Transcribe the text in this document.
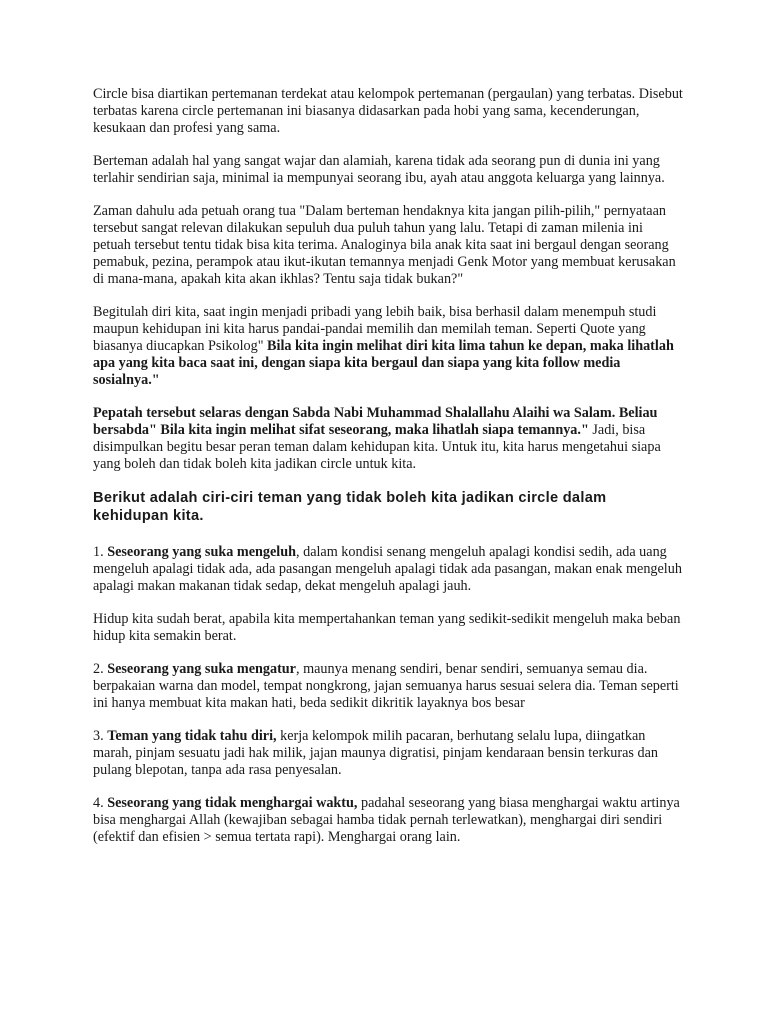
Circle bisa diartikan pertemanan terdekat atau kelompok pertemanan (pergaulan) yang terbatas. Disebut terbatas karena circle pertemanan ini biasanya didasarkan pada hobi yang sama, kecenderungan, kesukaan dan profesi yang sama.

Berteman adalah hal yang sangat wajar dan alamiah, karena tidak ada seorang pun di dunia ini yang terlahir sendirian saja, minimal ia mempunyai seorang ibu, ayah atau anggota keluarga yang lainnya.

Zaman dahulu ada petuah orang tua "Dalam berteman hendaknya kita jangan pilih-pilih," pernyataan tersebut sangat relevan dilakukan sepuluh dua puluh tahun yang lalu. Tetapi di zaman milenia ini petuah tersebut tentu tidak bisa kita terima. Analoginya bila anak kita saat ini bergaul dengan seorang pemabuk, pezina, perampok atau ikut-ikutan temannya menjadi Genk Motor yang membuat kerusakan di mana-mana, apakah kita akan ikhlas? Tentu saja tidak bukan?"

Begitulah diri kita, saat ingin menjadi pribadi yang lebih baik, bisa berhasil dalam menempuh studi maupun kehidupan ini kita harus pandai-pandai memilih dan memilah teman. Seperti Quote yang biasanya diucapkan Psikolog" Bila kita ingin melihat diri kita lima tahun ke depan, maka lihatlah apa yang kita baca saat ini, dengan siapa kita bergaul dan siapa yang kita follow media sosialnya."

Pepatah tersebut selaras dengan Sabda Nabi Muhammad Shalallahu Alaihi wa Salam. Beliau bersabda" Bila kita ingin melihat sifat seseorang, maka lihatlah siapa temannya." Jadi, bisa disimpulkan begitu besar peran teman dalam kehidupan kita. Untuk itu, kita harus mengetahui siapa yang boleh dan tidak boleh kita jadikan circle untuk kita.

Berikut adalah ciri-ciri teman yang tidak boleh kita jadikan circle dalam kehidupan kita.

1. Seseorang yang suka mengeluh, dalam kondisi senang mengeluh apalagi kondisi sedih, ada uang mengeluh apalagi tidak ada, ada pasangan mengeluh apalagi tidak ada pasangan, makan enak mengeluh apalagi makan makanan tidak sedap, dekat mengeluh apalagi jauh.

Hidup kita sudah berat, apabila kita mempertahankan teman yang sedikit-sedikit mengeluh maka beban hidup kita semakin berat.

2. Seseorang yang suka mengatur, maunya menang sendiri, benar sendiri, semuanya semau dia. berpakaian warna dan model, tempat nongkrong, jajan semuanya harus sesuai selera dia. Teman seperti ini hanya membuat kita makan hati, beda sedikit dikritik layaknya bos besar

3. Teman yang tidak tahu diri, kerja kelompok milih pacaran, berhutang selalu lupa, diingatkan marah, pinjam sesuatu jadi hak milik, jajan maunya digratisi, pinjam kendaraan bensin terkuras dan pulang blepotan, tanpa ada rasa penyesalan.

4. Seseorang yang tidak menghargai waktu, padahal seseorang yang biasa menghargai waktu artinya bisa menghargai Allah (kewajiban sebagai hamba tidak pernah terlewatkan), menghargai diri sendiri (efektif dan efisien > semua tertata rapi). Menghargai orang lain.
